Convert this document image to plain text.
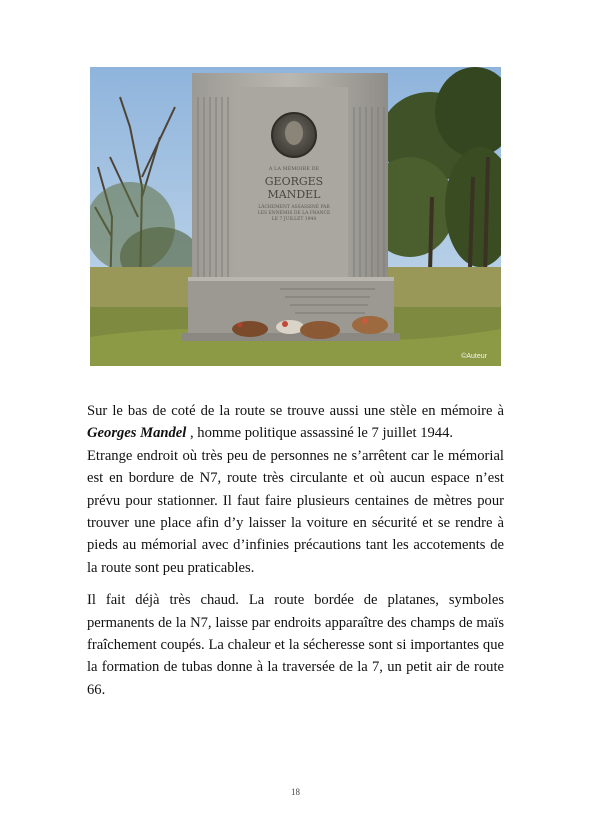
A LA MÉMOIRE DE
GEORGES
MANDEL
LÂCHEMENT ASSASSINÉ PAR
LES ENNEMIS DE LA FRANCE
LE 7 JUILLET 1944
©Auteur

Sur le bas de coté de la route se trouve aussi une stèle en mémoire à Georges Mandel , homme politique assassiné le 7 juillet 1944.

Etrange endroit où très peu de personnes ne s’arrêtent car le mémorial est en bordure de N7, route très circulante et où aucun espace n’est prévu pour stationner. Il faut faire plusieurs centaines de mètres pour trouver une place afin d’y laisser la voiture en sécurité et se rendre à pieds au mémorial avec d’infinies précautions tant les accotements de la route sont peu praticables.

Il fait déjà très chaud. La route bordée de platanes, symboles permanents de la N7, laisse par endroits apparaître des champs de maïs fraîchement coupés. La chaleur et la sécheresse sont si importantes que la formation de tubas donne à la traversée de la 7, un petit air de route 66.

18
